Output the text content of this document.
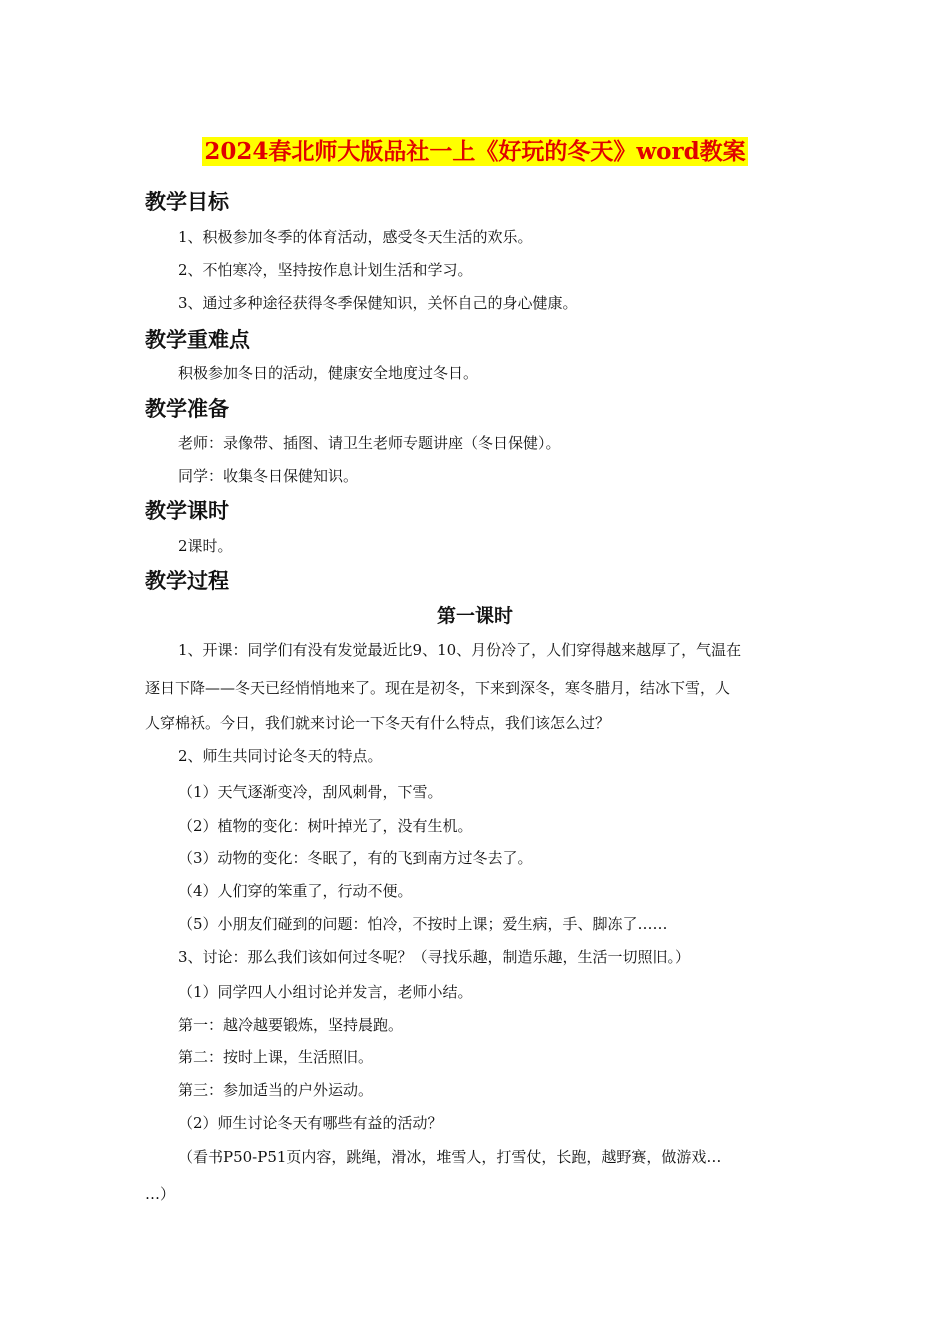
2024春北师大版品社一上《好玩的冬天》word教案
教学目标
1、积极参加冬季的体育活动，感受冬天生活的欢乐。
2、不怕寒冷，坚持按作息计划生活和学习。
3、通过多种途径获得冬季保健知识，关怀自己的身心健康。
教学重难点
积极参加冬日的活动，健康安全地度过冬日。
教学准备
老师：录像带、插图、请卫生老师专题讲座（冬日保健）。
同学：收集冬日保健知识。
教学课时
2课时。
教学过程
第一课时
1、开课：同学们有没有发觉最近比9、10、月份冷了，人们穿得越来越厚了，气温在
逐日下降——冬天已经悄悄地来了。现在是初冬，下来到深冬，寒冬腊月，结冰下雪，人
人穿棉袄。今日，我们就来讨论一下冬天有什么特点，我们该怎么过？
2、师生共同讨论冬天的特点。
（1）天气逐渐变冷，刮风刺骨，下雪。
（2）植物的变化：树叶掉光了，没有生机。
（3）动物的变化：冬眠了，有的飞到南方过冬去了。
（4）人们穿的笨重了，行动不便。
（5）小朋友们碰到的问题：怕冷，不按时上课；爱生病，手、脚冻了……
3、讨论：那么我们该如何过冬呢？（寻找乐趣，制造乐趣，生活一切照旧。）
（1）同学四人小组讨论并发言，老师小结。
第一：越冷越要锻炼，坚持晨跑。
第二：按时上课，生活照旧。
第三：参加适当的户外运动。
（2）师生讨论冬天有哪些有益的活动？
（看书P50-P51页内容，跳绳，滑冰，堆雪人，打雪仗，长跑，越野赛，做游戏…
…）
